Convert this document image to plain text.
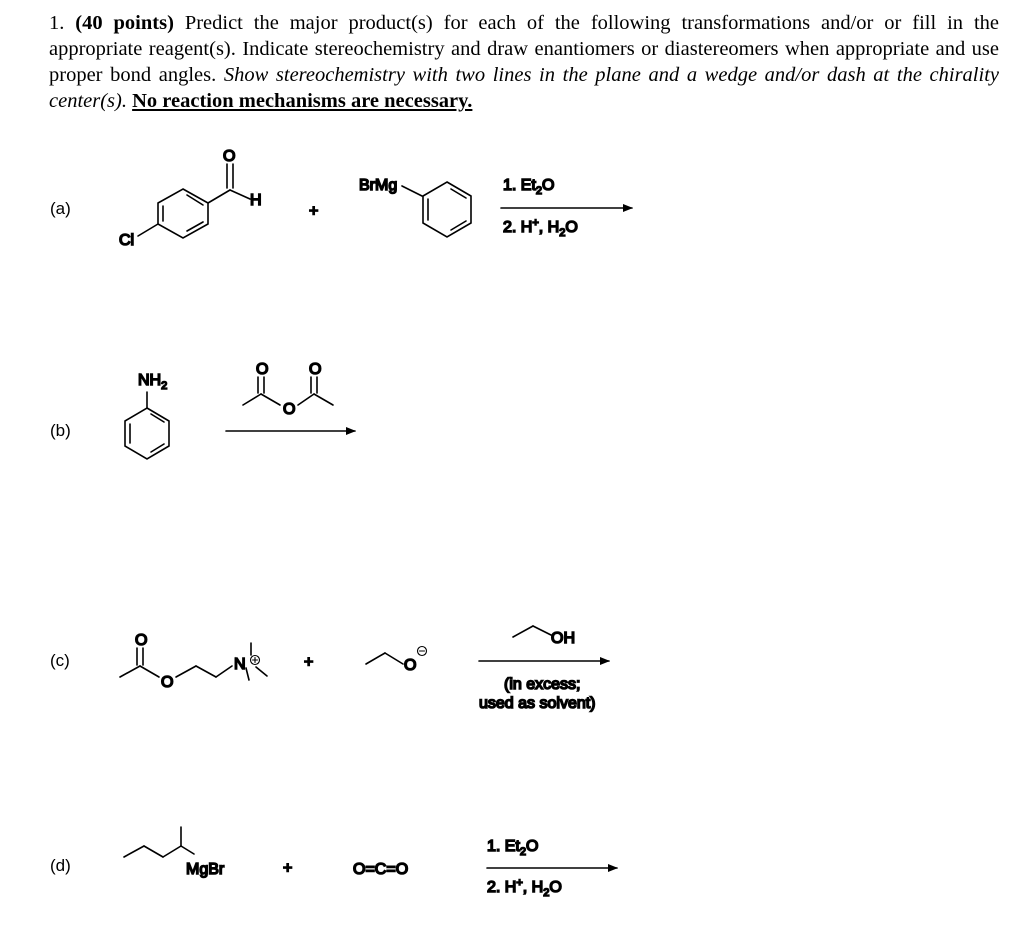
1. (40 points) Predict the major product(s) for each of the following transformations and/or or fill in the appropriate reagent(s). Indicate stereochemistry and draw enantiomers or diastereomers when appropriate and use proper bond angles. Show stereochemistry with two lines in the plane and a wedge and/or dash at the chirality center(s). No reaction mechanisms are necessary.
(a)
(b)
(c)
(d)
O
H
Cl
+
BrMg	1. $Et_2O$
2. H+, $H_2O$
$NH_2$
O
O
O
O
O
N	+	O
OH
(in excess;
used as solvent)
MgBr	+	O=C=O
1. $Et_2O$
2. H+, $H_2O$
